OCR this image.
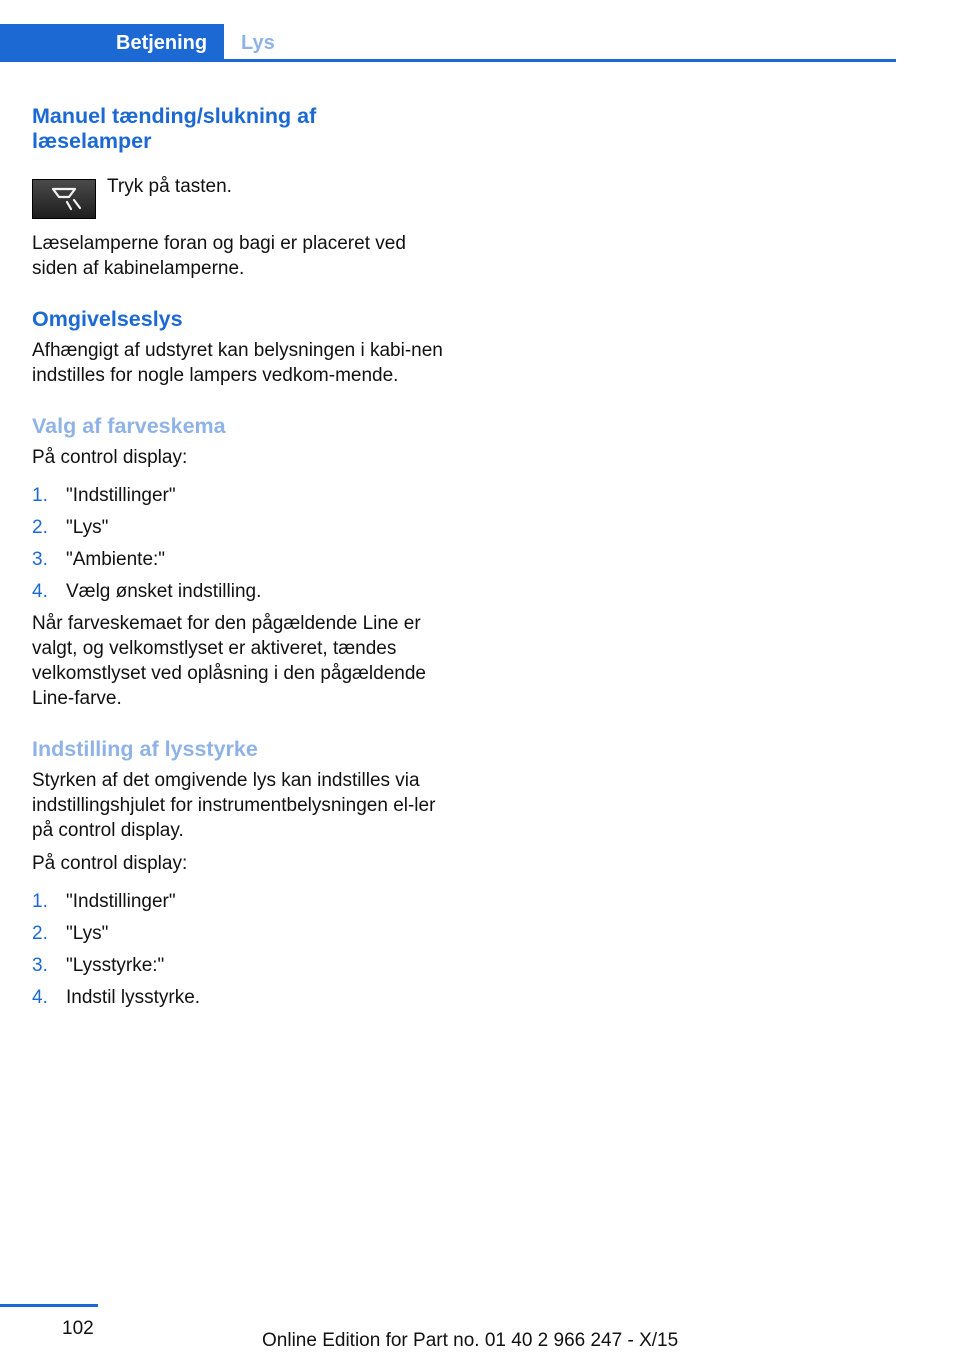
Betjening Lys
Manuel tænding/slukning af
læselamper

Tryk på tasten.

Læselamperne foran og bagi er placeret ved siden af kabinelamperne.

Omgivelseslys

Afhængigt af udstyret kan belysningen i kabi‐nen indstilles for nogle lampers vedkom‐mende.

Valg af farveskema

På control display:

1. "Indstillinger"
2. "Lys"
3. "Ambiente:"
4. Vælg ønsket indstilling.

Når farveskemaet for den pågældende Line er valgt, og velkomstlyset er aktiveret, tændes velkomstlyset ved oplåsning i den pågældende Line-farve.

Indstilling af lysstyrke

Styrken af det omgivende lys kan indstilles via indstillingshjulet for instrumentbelysningen el‐ler på control display.

På control display:

1. "Indstillinger"
2. "Lys"
3. "Lysstyrke:"
4. Indstil lysstyrke.
102
Online Edition for Part no. 01 40 2 966 247 - X/15
